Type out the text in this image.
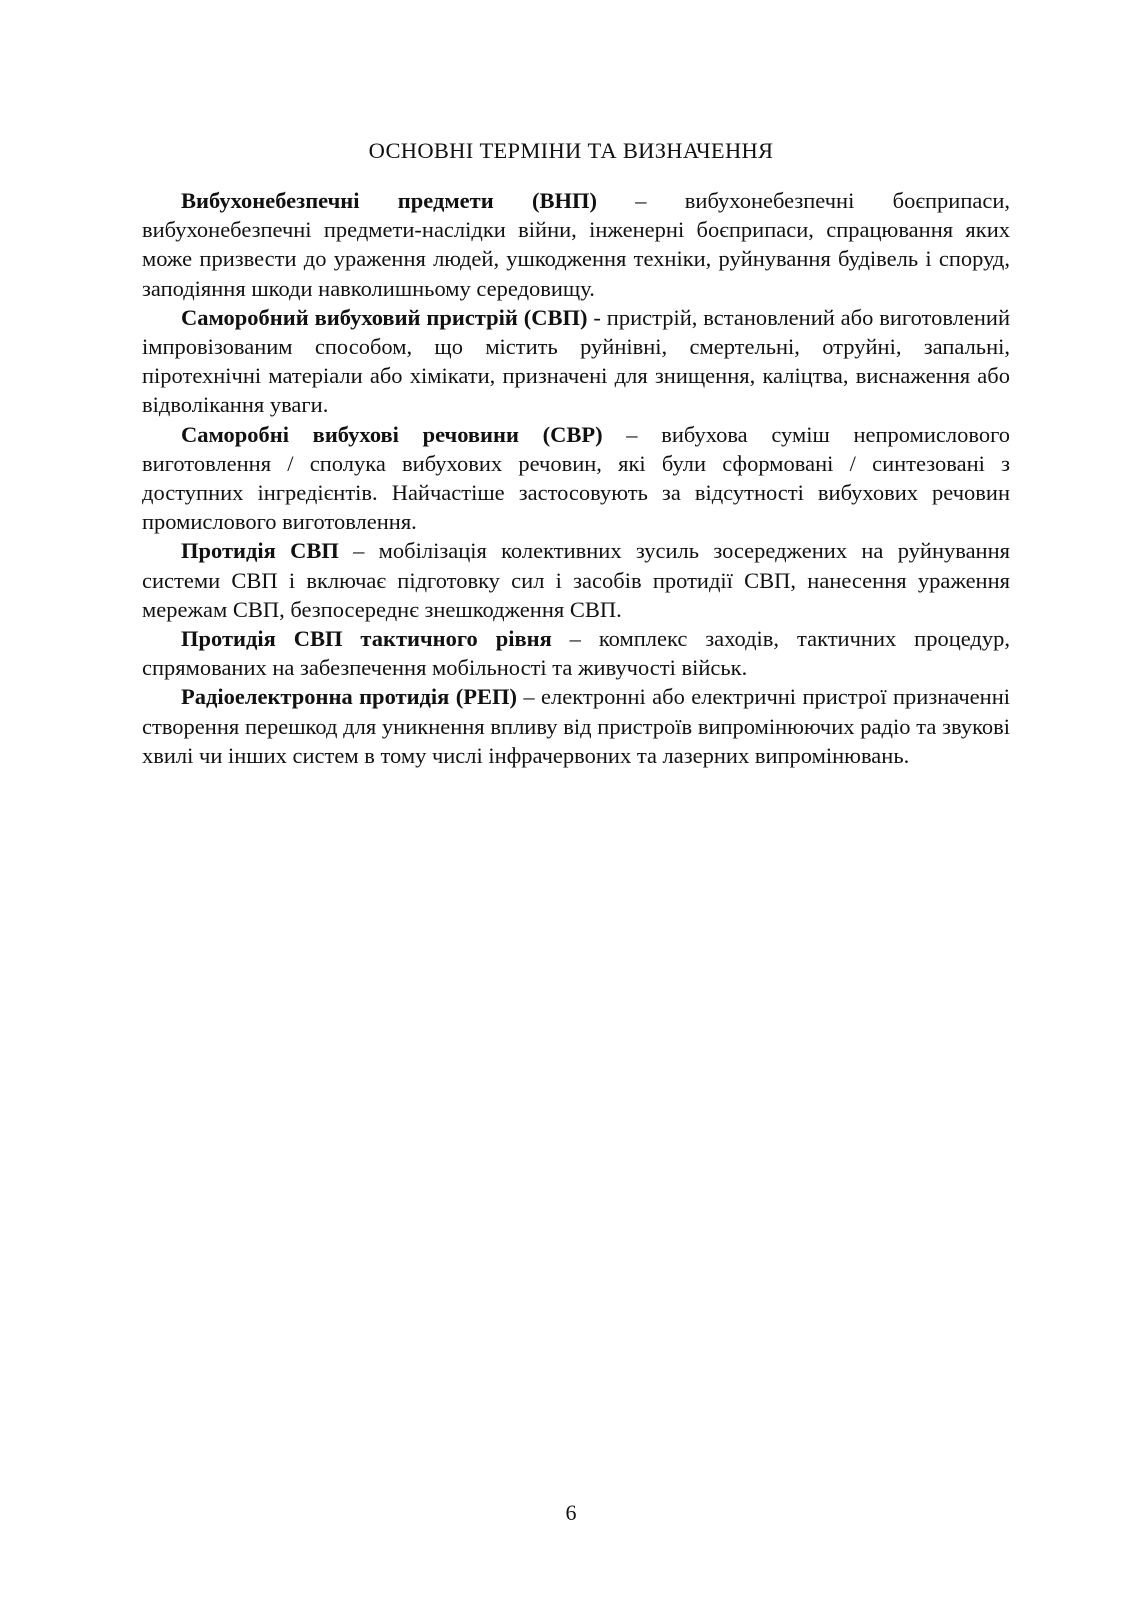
ОСНОВНІ ТЕРМІНИ ТА ВИЗНАЧЕННЯ

Вибухонебезпечні предмети (ВНП) – вибухонебезпечні боєприпаси, вибухонебезпечні предмети-наслідки війни, інженерні боєприпаси, спрацювання яких може призвести до ураження людей, ушкодження техніки, руйнування будівель і споруд, заподіяння шкоди навколишньому середовищу.

Саморобний вибуховий пристрій (СВП) - пристрій, встановлений або виготовлений імпровізованим способом, що містить руйнівні, смертельні, отруйні, запальні, піротехнічні матеріали або хімікати, призначені для знищення, каліцтва, виснаження або відволікання уваги.

Саморобні вибухові речовини (СВР) – вибухова суміш непромислового виготовлення / сполука вибухових речовин, які були сформовані / синтезовані з доступних інгредієнтів. Найчастіше застосовують за відсутності вибухових речовин промислового виготовлення.

Протидія СВП – мобілізація колективних зусиль зосереджених на руйнування системи СВП і включає підготовку сил і засобів протидії СВП, нанесення ураження мережам СВП, безпосереднє знешкодження СВП.

Протидія СВП тактичного рівня – комплекс заходів, тактичних процедур, спрямованих на забезпечення мобільності та живучості військ.

Радіоелектронна протидія (РЕП) – електронні або електричні пристрої призначенні створення перешкод для уникнення впливу від пристроїв випромінюючих радіо та звукові хвилі чи інших систем в тому числі інфрачервоних та лазерних випромінювань.

6
